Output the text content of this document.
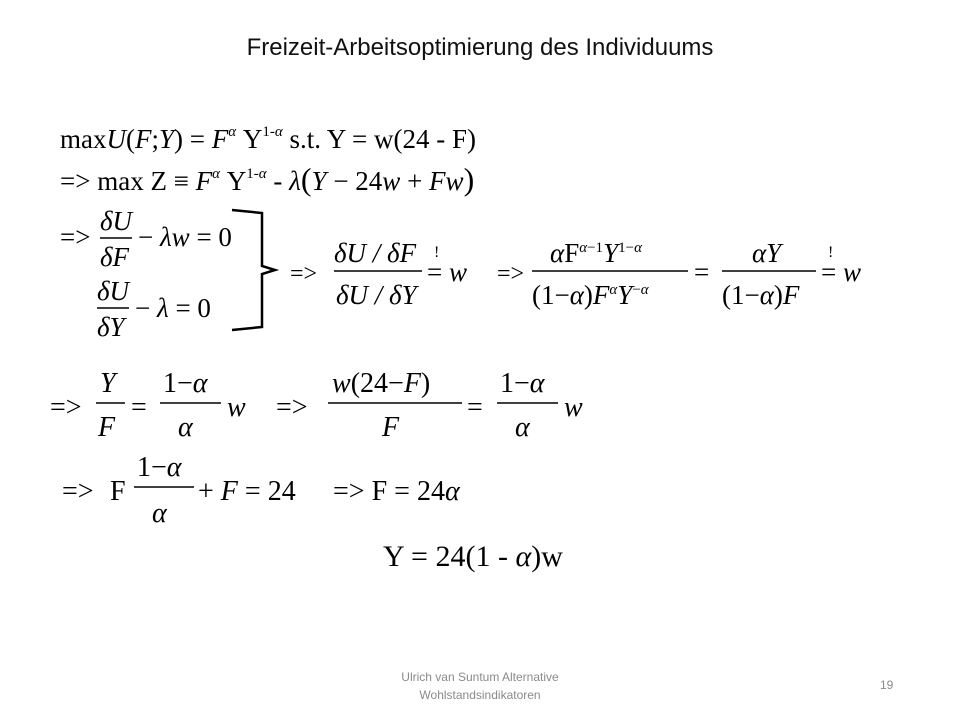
Freizeit-Arbeitsoptimierung des Individuums
maxU(F;Y) = $F^\alpha$ $Y^{1-}\alpha$ s.t. Y = w(24 - F)
=> $\max Z \equiv F^\alpha$ $Y^{1-}\alpha - \lambda(Y - 24w + Fw)$
=>
δU
δF
− λw = 0
δU
δY
− λ = 0
=>
δU / δF
δU / δY
= w
!
=>
$\alpha F^\alpha-1Y^{1-}\alpha$
$(1-\alpha)F^\alpha Y^-\alpha$
=
αY
(1−α)F
= w
!
=>
Y
F
=
1−α
α
w =>
w(24−F)
F
=
1−α
α
w
=> F
1−α
α
+ F = 24 => F = 24α
Y = 24(1 - α)w
Ulrich van Suntum Alternative
Wohlstandsindikatoren
19
